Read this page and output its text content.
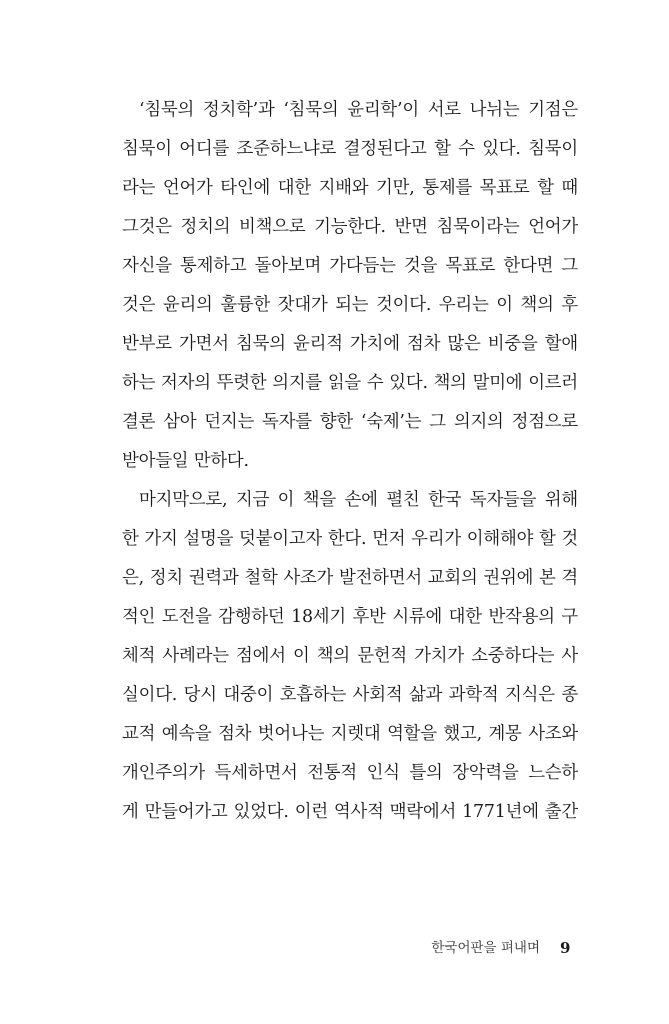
‘침묵의 정치학’과 ‘침묵의 윤리학’이 서로 나뉘는 기점은
침묵이 어디를 조준하느냐로 결정된다고 할 수 있다. 침묵이
라는 언어가 타인에 대한 지배와 기만, 통제를 목표로 할 때
그것은 정치의 비책으로 기능한다. 반면 침묵이라는 언어가
자신을 통제하고 돌아보며 가다듬는 것을 목표로 한다면 그
것은 윤리의 훌륭한 잣대가 되는 것이다. 우리는 이 책의 후
반부로 가면서 침묵의 윤리적 가치에 점차 많은 비중을 할애
하는 저자의 뚜렷한 의지를 읽을 수 있다. 책의 말미에 이르러
결론 삼아 던지는 독자를 향한 ‘숙제’는 그 의지의 정점으로
받아들일 만하다.
마지막으로, 지금 이 책을 손에 펼친 한국 독자들을 위해
한 가지 설명을 덧붙이고자 한다. 먼저 우리가 이해해야 할 것
은, 정치 권력과 철학 사조가 발전하면서 교회의 권위에 본 격
적인 도전을 감행하던 18세기 후반 시류에 대한 반작용의 구
체적 사례라는 점에서 이 책의 문헌적 가치가 소중하다는 사
실이다. 당시 대중이 호흡하는 사회적 삶과 과학적 지식은 종
교적 예속을 점차 벗어나는 지렛대 역할을 했고, 계몽 사조와
개인주의가 득세하면서 전통적 인식 틀의 장악력을 느슨하
게 만들어가고 있었다. 이런 역사적 맥락에서 1771년에 출간
한국어판을 펴내며 9
